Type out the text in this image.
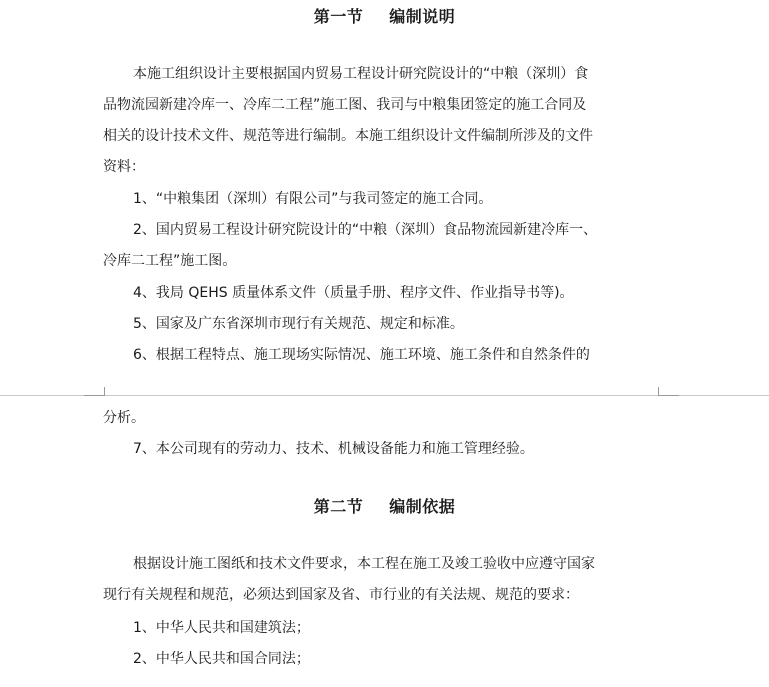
第一节 编制说明
本施工组织设计主要根据国内贸易工程设计研究院设计的“中粮（深圳）食
品物流园新建冷库一、冷库二工程”施工图、我司与中粮集团签定的施工合同及
相关的设计技术文件、规范等进行编制。本施工组织设计文件编制所涉及的文件
资料：
1、“中粮集团（深圳）有限公司”与我司签定的施工合同。
2、国内贸易工程设计研究院设计的“中粮（深圳）食品物流园新建冷库一、
冷库二工程”施工图。
4、我局 QEHS 质量体系文件（质量手册、程序文件、作业指导书等)。
5、国家及广东省深圳市现行有关规范、规定和标准。
6、根据工程特点、施工现场实际情况、施工环境、施工条件和自然条件的
分析。
7、本公司现有的劳动力、技术、机械设备能力和施工管理经验。
第二节 编制依据
根据设计施工图纸和技术文件要求，本工程在施工及竣工验收中应遵守国家
现行有关规程和规范，必须达到国家及省、市行业的有关法规、规范的要求：
1、中华人民共和国建筑法；
2、中华人民共和国合同法；
